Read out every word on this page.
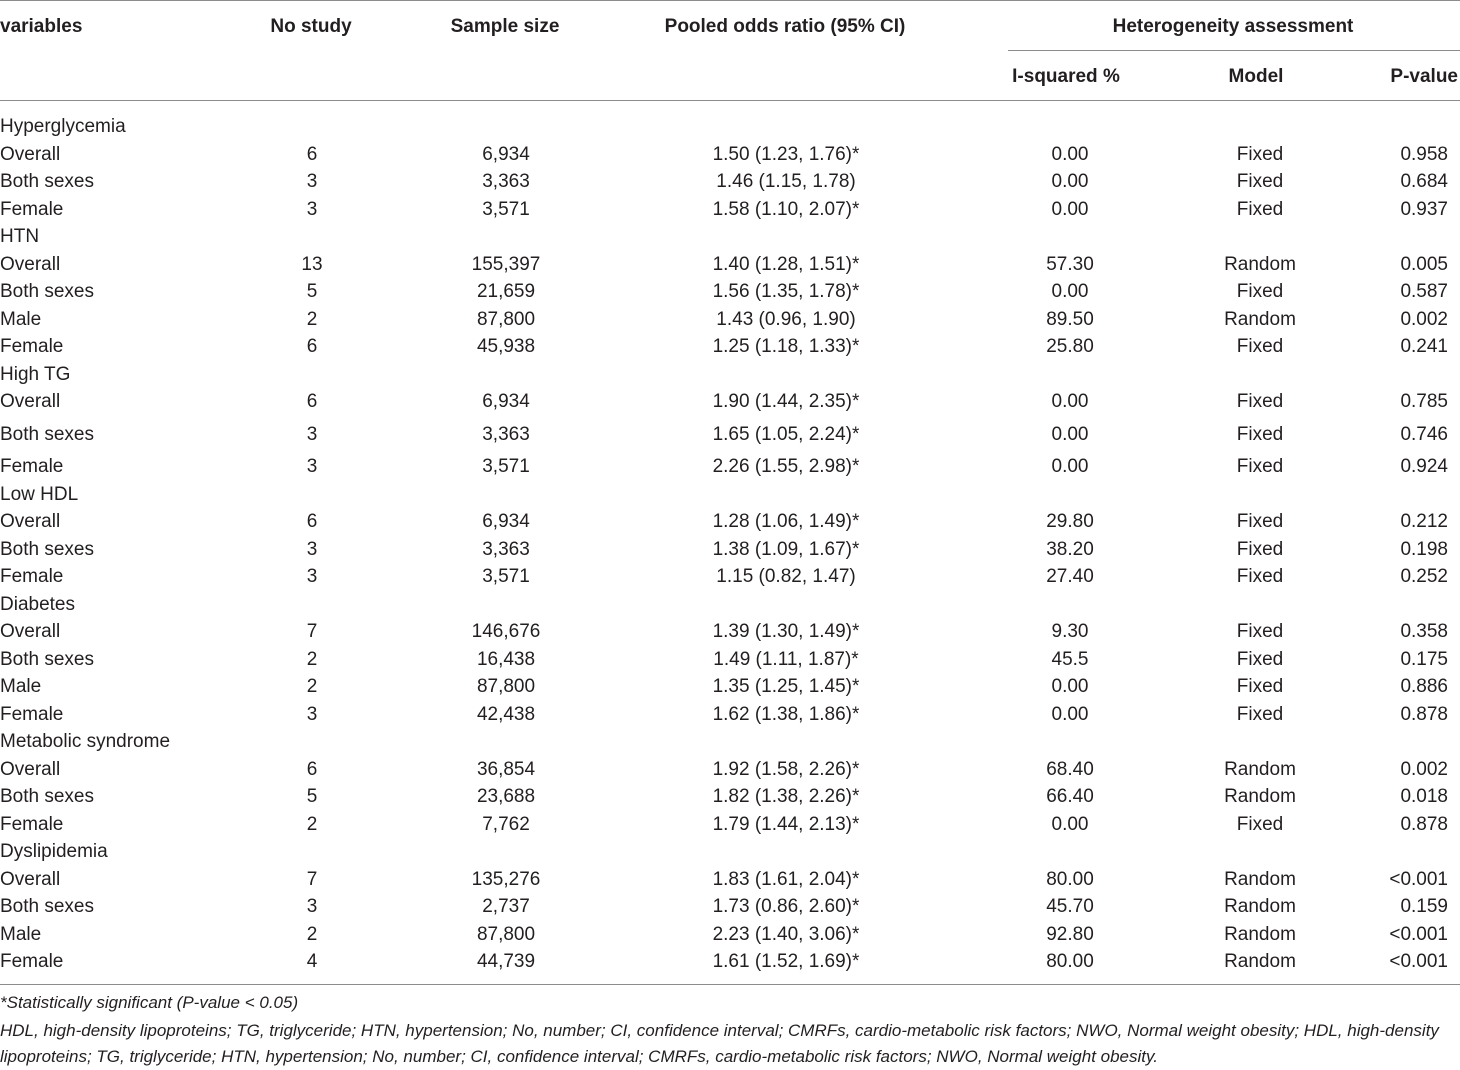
variables	No study	Sample size	Pooled odds ratio (95% CI)	Heterogeneity assessment
I-squared %	Model	P-value
Hyperglycemia						
Overall	6	6,934	1.50 (1.23, 1.76)*	0.00	Fixed	0.958
Both sexes	3	3,363	1.46 (1.15, 1.78)	0.00	Fixed	0.684
Female	3	3,571	1.58 (1.10, 2.07)*	0.00	Fixed	0.937
HTN						
Overall	13	155,397	1.40 (1.28, 1.51)*	57.30	Random	0.005
Both sexes	5	21,659	1.56 (1.35, 1.78)*	0.00	Fixed	0.587
Male	2	87,800	1.43 (0.96, 1.90)	89.50	Random	0.002
Female	6	45,938	1.25 (1.18, 1.33)*	25.80	Fixed	0.241
High TG						
Overall	6	6,934	1.90 (1.44, 2.35)*	0.00	Fixed	0.785
Both sexes	3	3,363	1.65 (1.05, 2.24)*	0.00	Fixed	0.746
Female	3	3,571	2.26 (1.55, 2.98)*	0.00	Fixed	0.924
Low HDL						
Overall	6	6,934	1.28 (1.06, 1.49)*	29.80	Fixed	0.212
Both sexes	3	3,363	1.38 (1.09, 1.67)*	38.20	Fixed	0.198
Female	3	3,571	1.15 (0.82, 1.47)	27.40	Fixed	0.252
Diabetes						
Overall	7	146,676	1.39 (1.30, 1.49)*	9.30	Fixed	0.358
Both sexes	2	16,438	1.49 (1.11, 1.87)*	45.5	Fixed	0.175
Male	2	87,800	1.35 (1.25, 1.45)*	0.00	Fixed	0.886
Female	3	42,438	1.62 (1.38, 1.86)*	0.00	Fixed	0.878
Metabolic syndrome						
Overall	6	36,854	1.92 (1.58, 2.26)*	68.40	Random	0.002
Both sexes	5	23,688	1.82 (1.38, 2.26)*	66.40	Random	0.018
Female	2	7,762	1.79 (1.44, 2.13)*	0.00	Fixed	0.878
Dyslipidemia						
Overall	7	135,276	1.83 (1.61, 2.04)*	80.00	Random	<0.001
Both sexes	3	2,737	1.73 (0.86, 2.60)*	45.70	Random	0.159
Male	2	87,800	2.23 (1.40, 3.06)*	92.80	Random	<0.001
Female	4	44,739	1.61 (1.52, 1.69)*	80.00	Random	<0.001
*Statistically significant (P-value < 0.05)
HDL, high-density lipoproteins; TG, triglyceride; HTN, hypertension; No, number; CI, confidence interval; CMRFs, cardio-metabolic risk factors; NWO, Normal weight obesity; HDL, high-density lipoproteins; TG, triglyceride; HTN, hypertension; No, number; CI, confidence interval; CMRFs, cardio-metabolic risk factors; NWO, Normal weight obesity.
